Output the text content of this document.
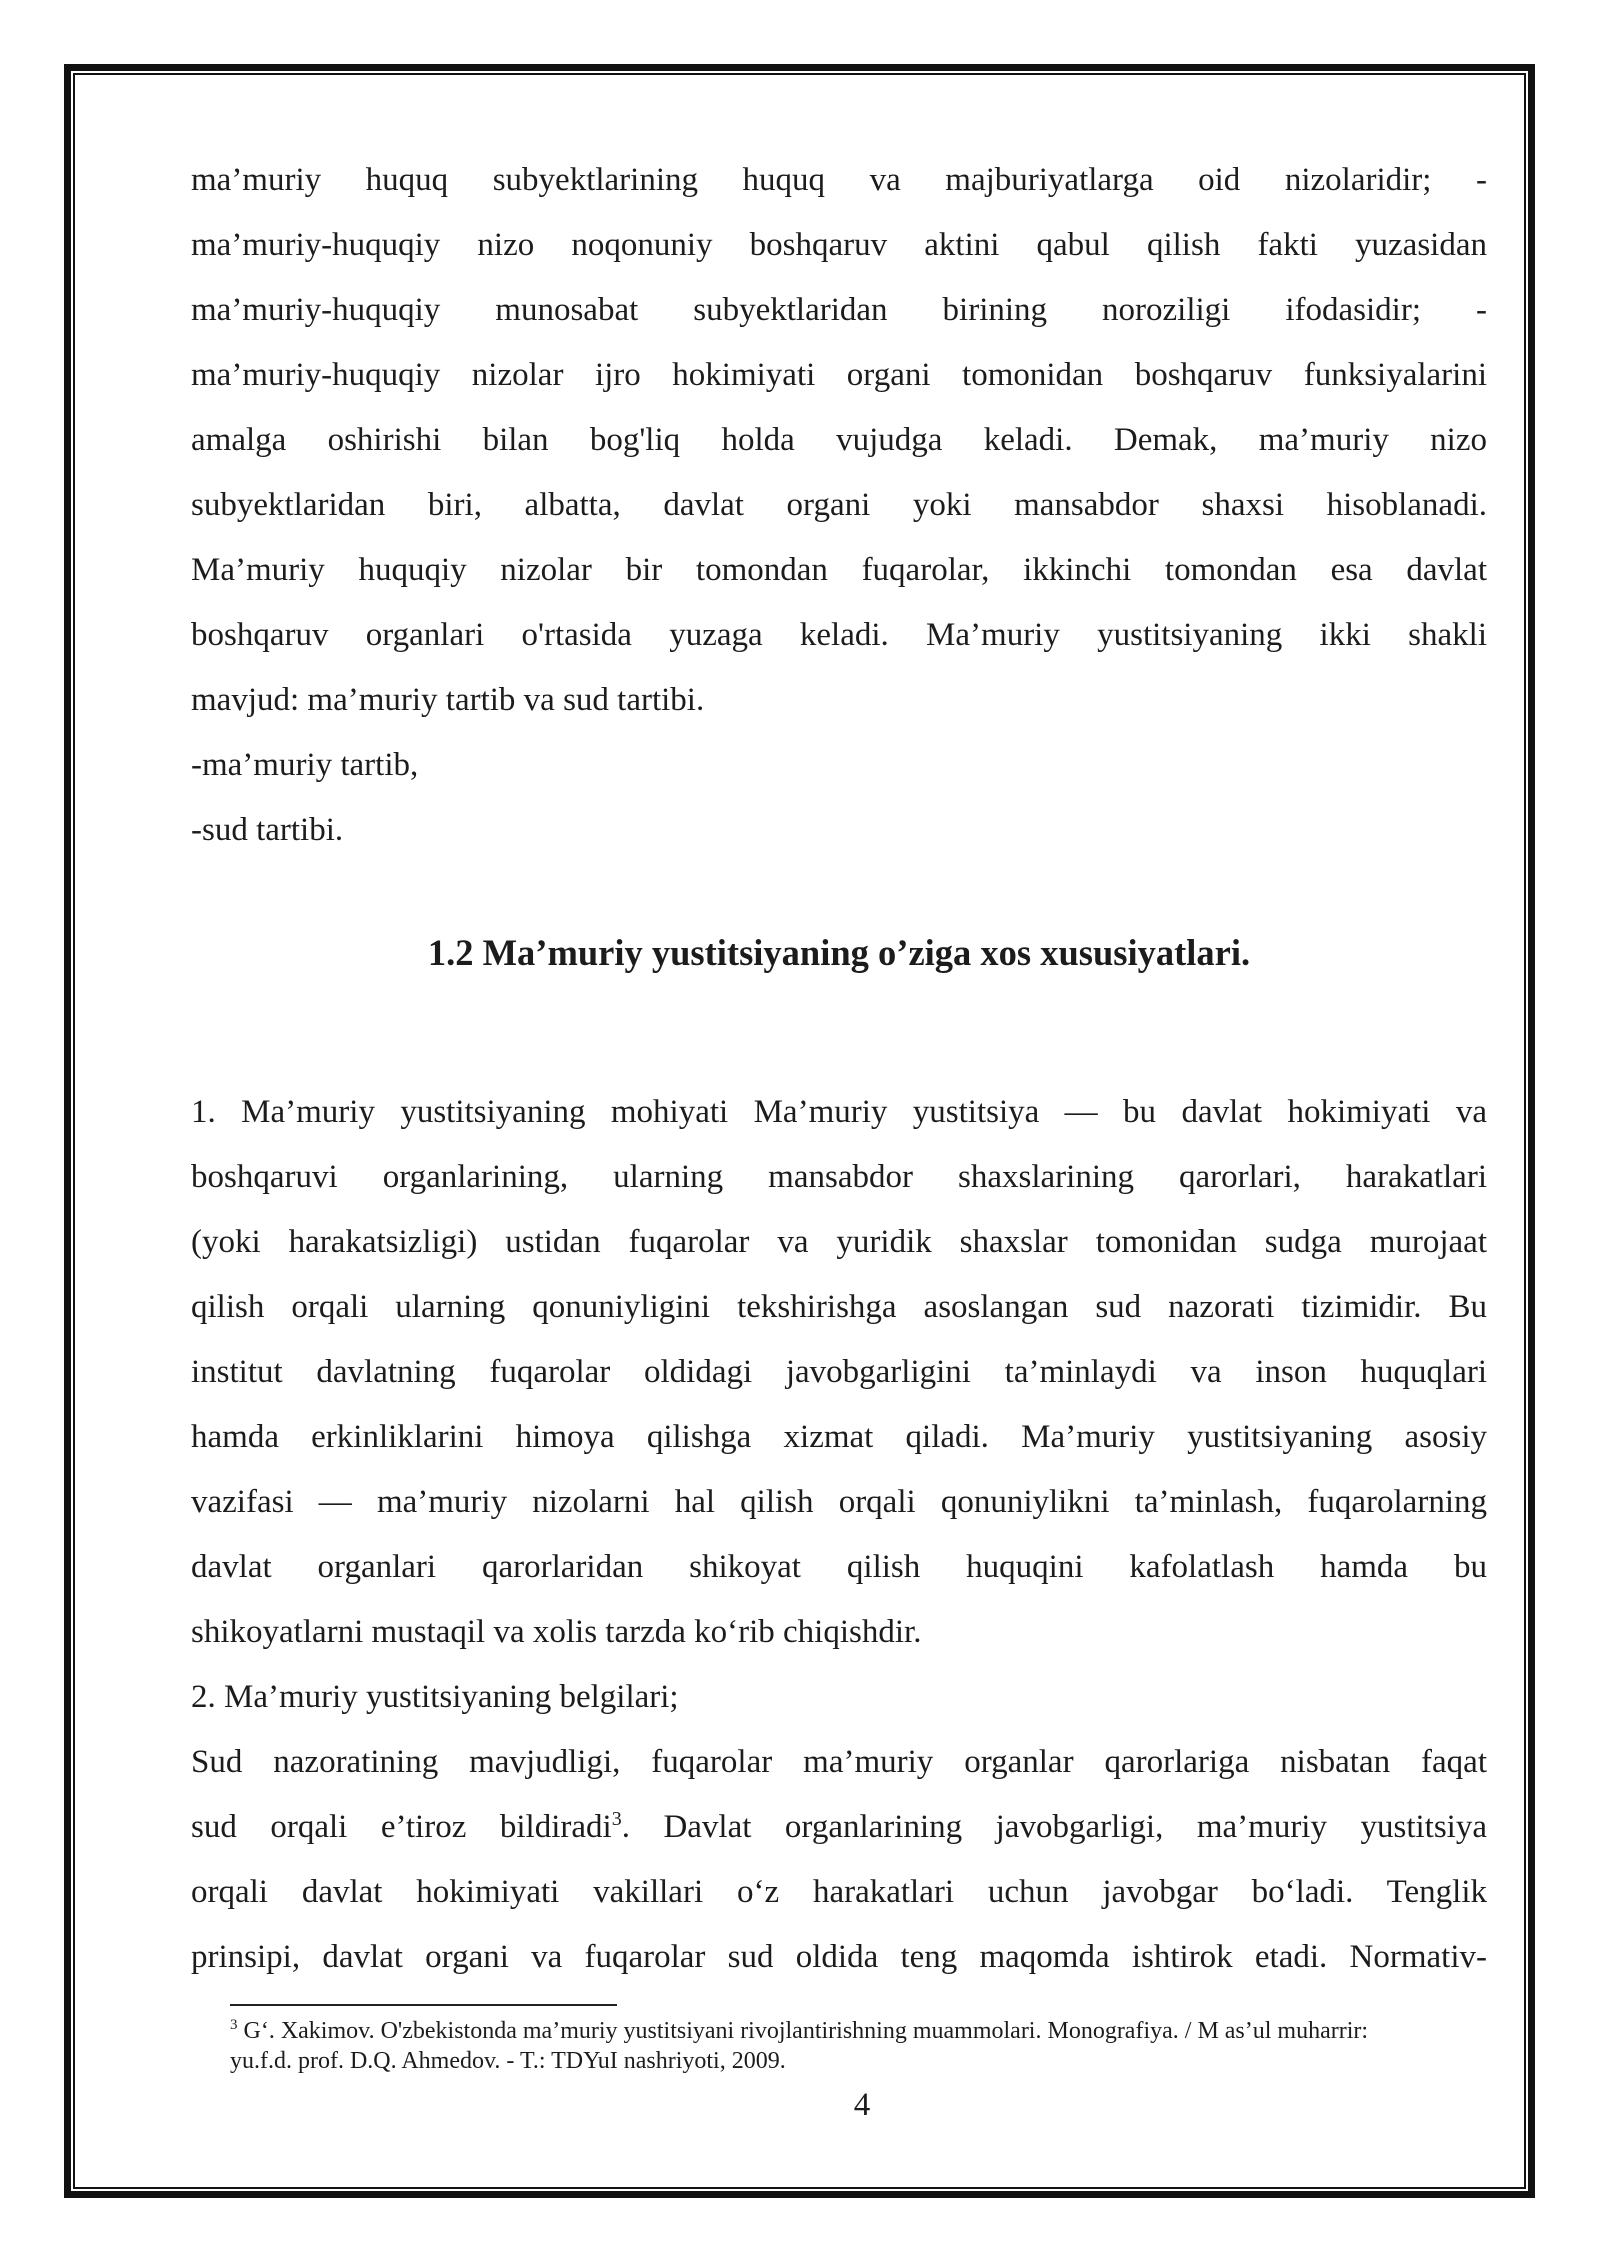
ma’muriy huquq subyektlarining huquq va majburiyatlarga oid nizolaridir; -

ma’muriy-huquqiy nizo noqonuniy boshqaruv aktini qabul qilish fakti yuzasidan

ma’muriy-huquqiy munosabat subyektlaridan birining noroziligi ifodasidir; -

ma’muriy-huquqiy nizolar ijro hokimiyati organi tomonidan boshqaruv funksiyalarini

amalga oshirishi bilan bog'liq holda vujudga keladi. Demak, ma’muriy nizo

subyektlaridan biri, albatta, davlat organi yoki mansabdor shaxsi hisoblanadi.

Ma’muriy huquqiy nizolar bir tomondan fuqarolar, ikkinchi tomondan esa davlat

boshqaruv organlari o'rtasida yuzaga keladi. Ma’muriy yustitsiyaning ikki shakli

mavjud: ma’muriy tartib va sud tartibi.

-ma’muriy tartib,

-sud tartibi.

1.2 Ma’muriy yustitsiyaning o’ziga xos xususiyatlari.

1. Ma’muriy yustitsiyaning mohiyati Ma’muriy yustitsiya — bu davlat hokimiyati va

boshqaruvi organlarining, ularning mansabdor shaxslarining qarorlari, harakatlari

(yoki harakatsizligi) ustidan fuqarolar va yuridik shaxslar tomonidan sudga murojaat

qilish orqali ularning qonuniyligini tekshirishga asoslangan sud nazorati tizimidir. Bu

institut davlatning fuqarolar oldidagi javobgarligini ta’minlaydi va inson huquqlari

hamda erkinliklarini himoya qilishga xizmat qiladi. Ma’muriy yustitsiyaning asosiy

vazifasi — ma’muriy nizolarni hal qilish orqali qonuniylikni ta’minlash, fuqarolarning

davlat organlari qarorlaridan shikoyat qilish huquqini kafolatlash hamda bu

shikoyatlarni mustaqil va xolis tarzda ko‘rib chiqishdir.

2. Ma’muriy yustitsiyaning belgilari;

Sud nazoratining mavjudligi, fuqarolar ma’muriy organlar qarorlariga nisbatan faqat

sud orqali e’tiroz bildiradi$^3$. Davlat organlarining javobgarligi, ma’muriy yustitsiya

orqali davlat hokimiyati vakillari o‘z harakatlari uchun javobgar bo‘ladi. Tenglik

prinsipi, davlat organi va fuqarolar sud oldida teng maqomda ishtirok etadi. Normativ-

$^3$ G‘. Xakimov. O'zbekistonda ma’muriy yustitsiyani rivojlantirishning muammolari. Monografiya. / M as’ul muharrir: yu.f.d. prof. D.Q. Ahmedov. - T.: TDYuI nashriyoti, 2009.

4
